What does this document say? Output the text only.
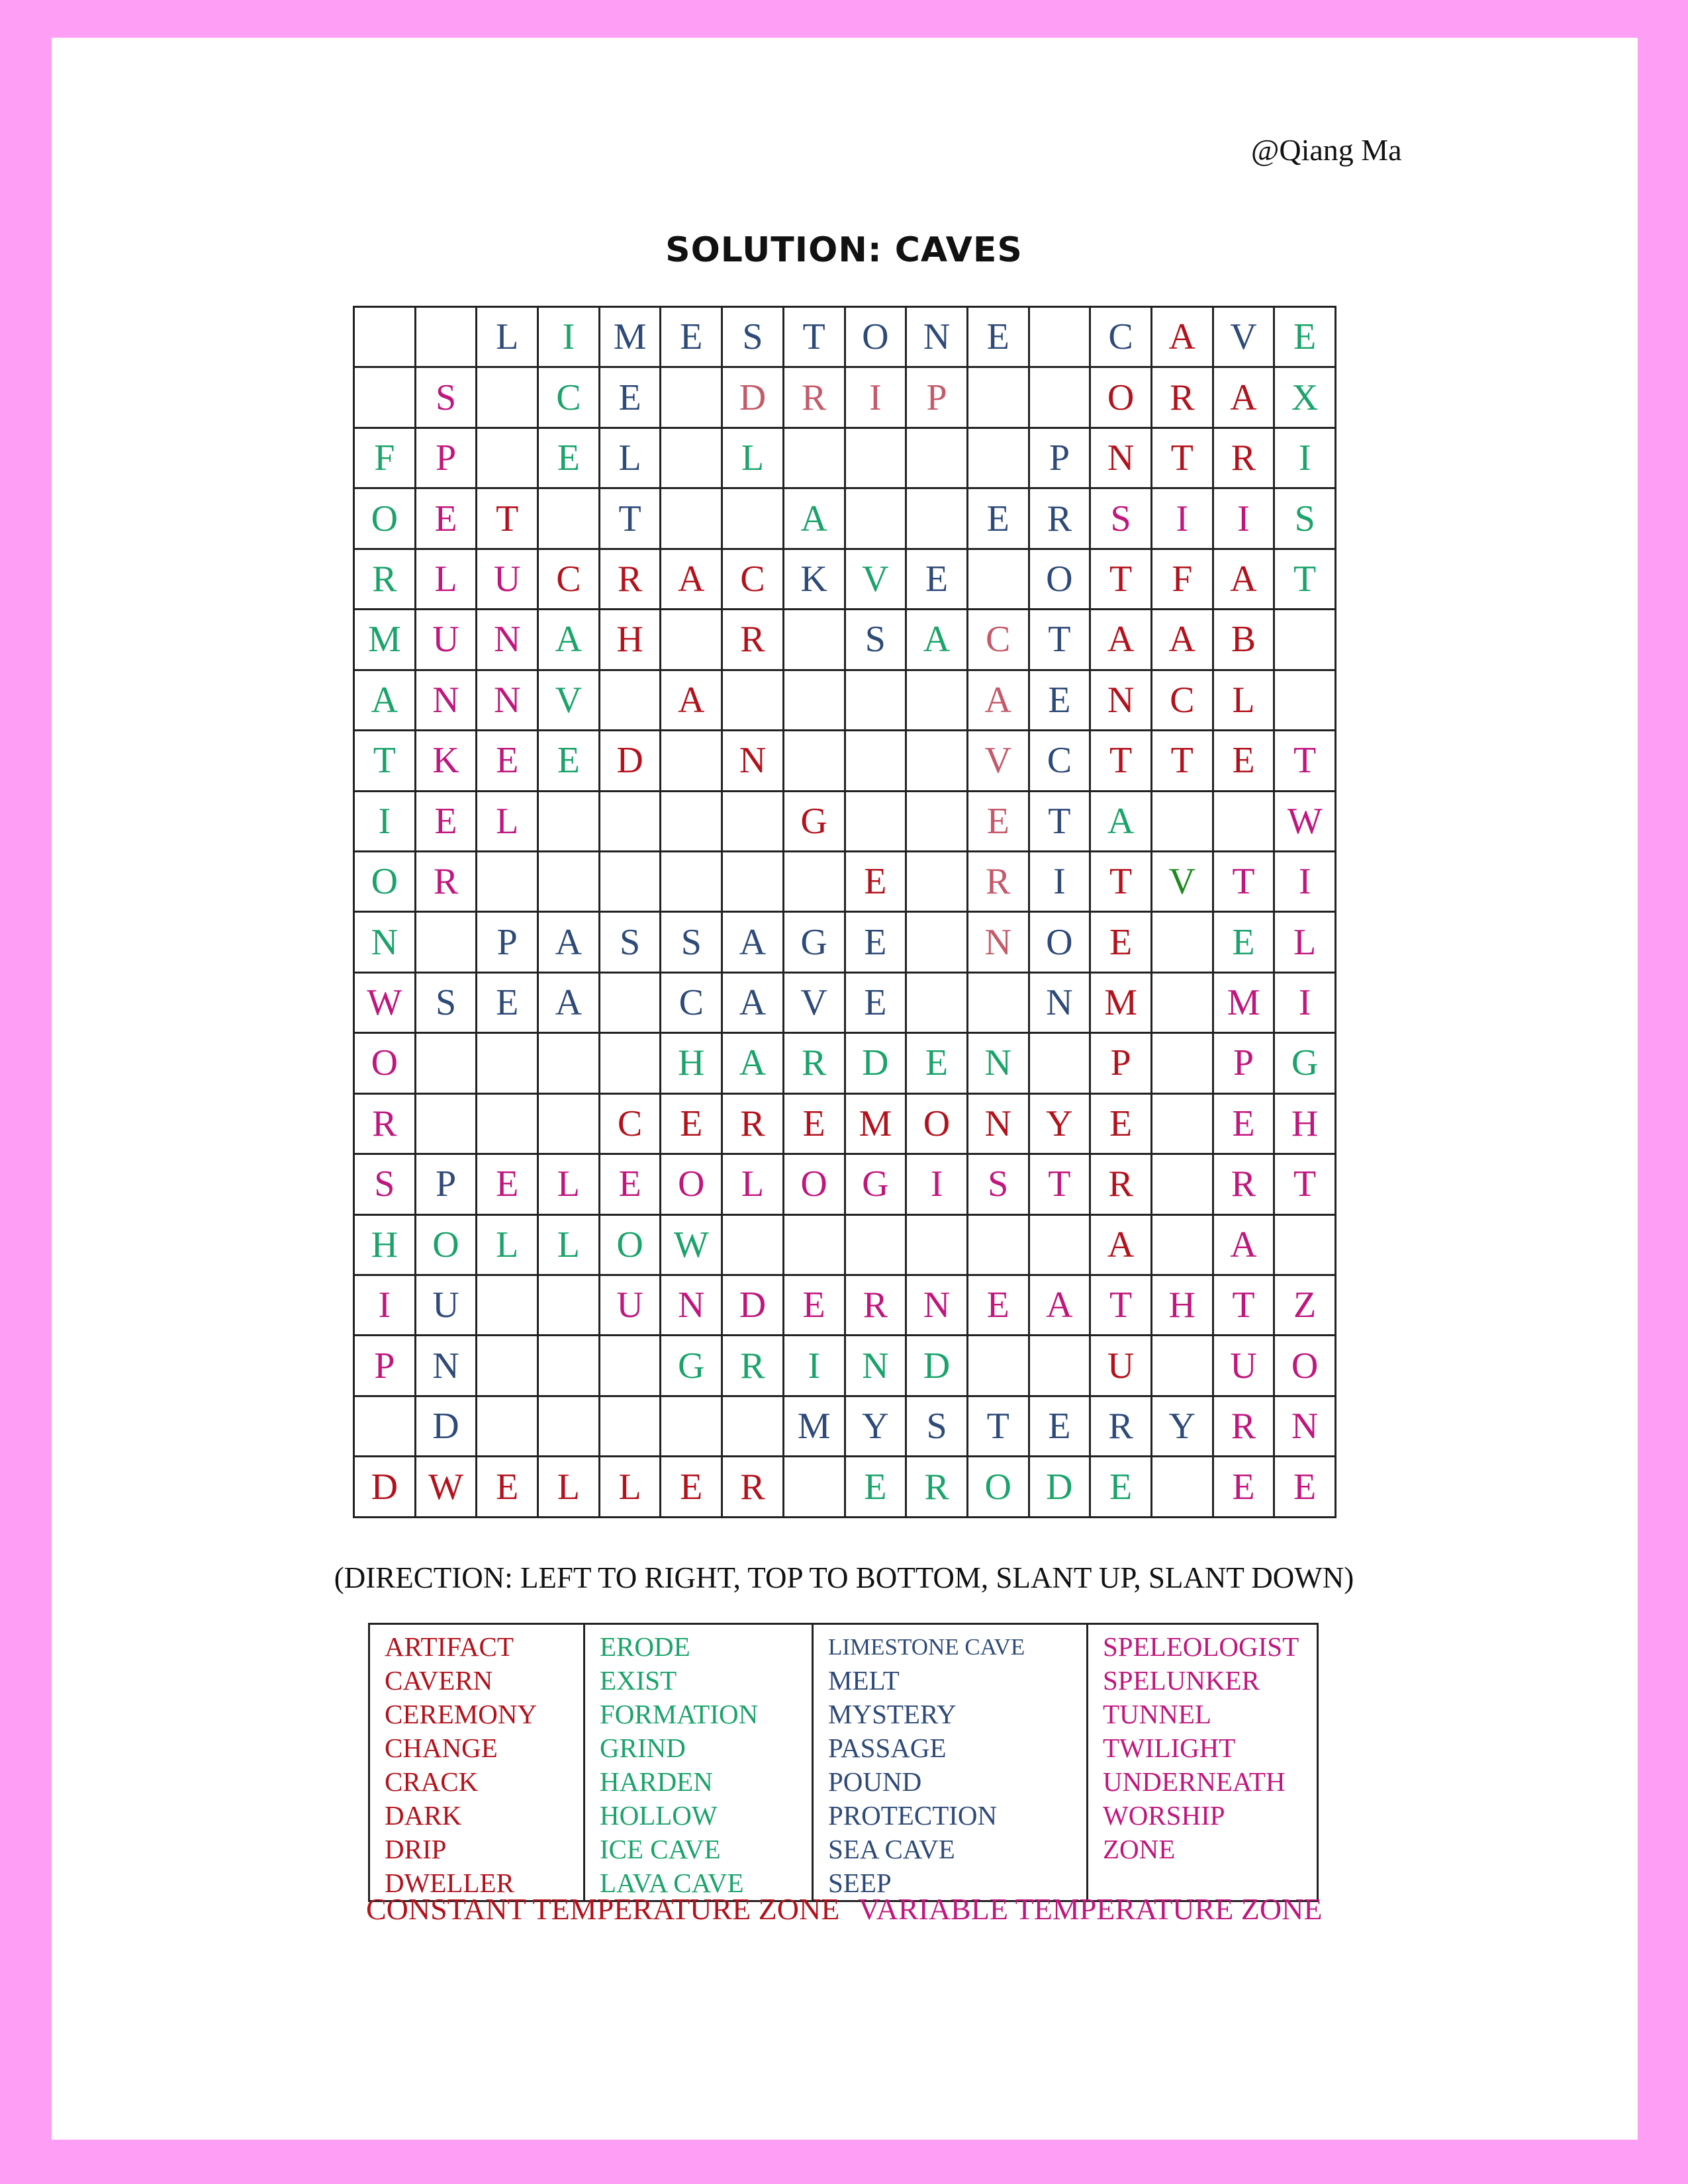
@Qiang Ma

SOLUTION: CAVES
		L	I	M	E	S	T	O	N	E		C	A	V	E
	S		C	E		D	R	I	P			O	R	A	X
F	P		E	L		L					P	N	T	R	I
O	E	T		T			A			E	R	S	I	I	S
R	L	U	C	R	A	C	K	V	E		O	T	F	A	T
M	U	N	A	H		R		S	A	C	T	A	A	B	
A	N	N	V		A					A	E	N	C	L	
T	K	E	E	D		N				V	C	T	T	E	T
I	E	L					G			E	T	A			W
O	R							E		R	I	T	V	T	I
N		P	A	S	S	A	G	E		N	O	E		E	L
W	S	E	A		C	A	V	E			N	M		M	I
O					H	A	R	D	E	N		P		P	G
R				C	E	R	E	M	O	N	Y	E		E	H
S	P	E	L	E	O	L	O	G	I	S	T	R		R	T
H	O	L	L	O	W							A		A	
I	U			U	N	D	E	R	N	E	A	T	H	T	Z
P	N				G	R	I	N	D			U		U	O
	D						M	Y	S	T	E	R	Y	R	N
D	W	E	L	L	E	R		E	R	O	D	E		E	E

(DIRECTION: LEFT TO RIGHT, TOP TO BOTTOM, SLANT UP, SLANT DOWN)

ARTIFACT
CAVERN
CEREMONY
CHANGE
CRACK
DARK
DRIP
DWELLER

ERODE
EXIST
FORMATION
GRIND
HARDEN
HOLLOW
ICE CAVE
LAVA CAVE

LIMESTONE CAVE
MELT
MYSTERY
PASSAGE
POUND
PROTECTION
SEA CAVE
SEEP

SPELEOLOGIST
SPELUNKER
TUNNEL
TWILIGHT
UNDERNEATH
WORSHIP
ZONE

CONSTANT TEMPERATURE ZONE VARIABLE TEMPERATURE ZONE
